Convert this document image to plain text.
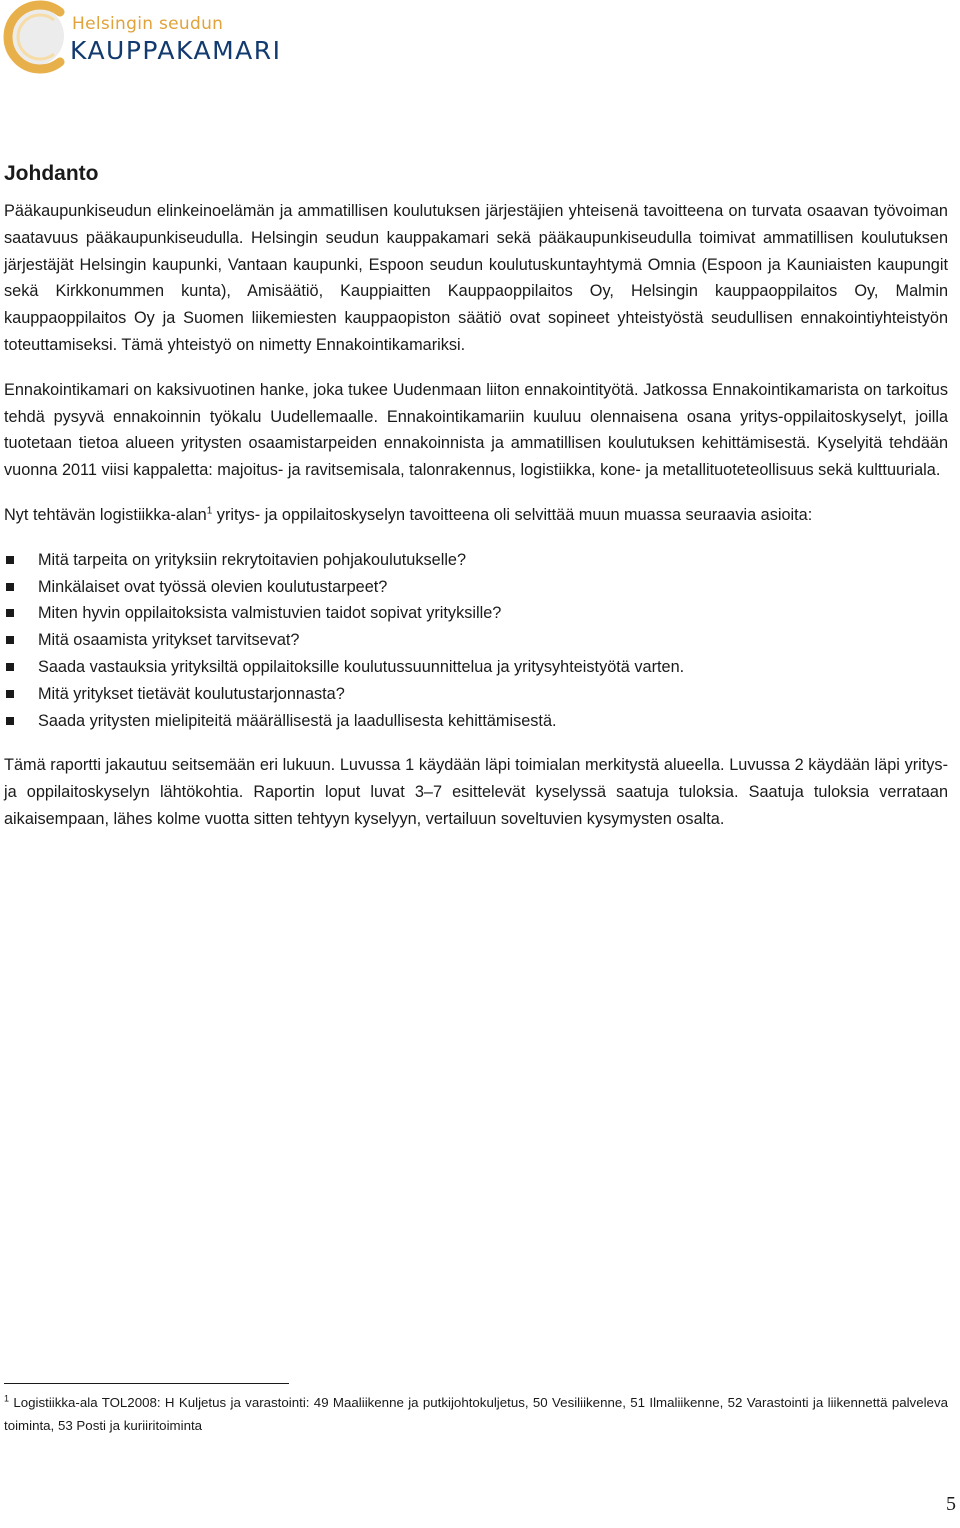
Helsingin seudun
KAUPPAKAMARI
Johdanto

Pääkaupunkiseudun elinkeinoelämän ja ammatillisen koulutuksen järjestäjien yhteisenä tavoitteena on turvata osaavan työvoiman saatavuus pääkaupunkiseudulla. Helsingin seudun kauppakamari sekä pääkaupunkiseudulla toimivat ammatillisen koulutuksen järjestäjät Helsingin kaupunki, Vantaan kaupunki, Espoon seudun koulutuskuntayhtymä Omnia (Espoon ja Kauniaisten kaupungit sekä Kirkkonummen kunta), Amisäätiö, Kauppiaitten Kauppaoppilaitos Oy, Helsingin kauppaoppilaitos Oy, Malmin kauppaoppilaitos Oy ja Suomen liikemiesten kauppaopiston säätiö ovat sopineet yhteistyöstä seudullisen ennakointiyhteistyön toteuttamiseksi. Tämä yhteistyö on nimetty Ennakointikamariksi.

Ennakointikamari on kaksivuotinen hanke, joka tukee Uudenmaan liiton ennakointityötä. Jatkossa Ennakointikamarista on tarkoitus tehdä pysyvä ennakoinnin työkalu Uudellemaalle. Ennakointikamariin kuuluu olennaisena osana yritys-oppilaitoskyselyt, joilla tuotetaan tietoa alueen yritysten osaamistarpeiden ennakoinnista ja ammatillisen koulutuksen kehittämisestä. Kyselyitä tehdään vuonna 2011 viisi kappaletta: majoitus- ja ravitsemisala, talonrakennus, logistiikka, kone- ja metallituoteteollisuus sekä kulttuuriala.

Nyt tehtävän logistiikka-alan$^1$ yritys- ja oppilaitoskyselyn tavoitteena oli selvittää muun muassa seuraavia asioita:

Mitä tarpeita on yrityksiin rekrytoitavien pohjakoulutukselle?
Minkälaiset ovat työssä olevien koulutustarpeet?
Miten hyvin oppilaitoksista valmistuvien taidot sopivat yrityksille?
Mitä osaamista yritykset tarvitsevat?
Saada vastauksia yrityksiltä oppilaitoksille koulutussuunnittelua ja yritysyhteistyötä varten.
Mitä yritykset tietävät koulutustarjonnasta?
Saada yritysten mielipiteitä määrällisestä ja laadullisesta kehittämisestä.

Tämä raportti jakautuu seitsemään eri lukuun. Luvussa 1 käydään läpi toimialan merkitystä alueella. Luvussa 2 käydään läpi yritys- ja oppilaitoskyselyn lähtökohtia. Raportin loput luvat 3–7 esittelevät kyselyssä saatuja tuloksia. Saatuja tuloksia verrataan aikaisempaan, lähes kolme vuotta sitten tehtyyn kyselyyn, vertailuun soveltuvien kysymysten osalta.

$^1$ Logistiikka-ala TOL2008: H Kuljetus ja varastointi: 49 Maaliikenne ja putkijohtokuljetus, 50 Vesiliikenne, 51 Ilmaliikenne, 52 Varastointi ja liikennettä palveleva toiminta, 53 Posti ja kuriiritoiminta
5
